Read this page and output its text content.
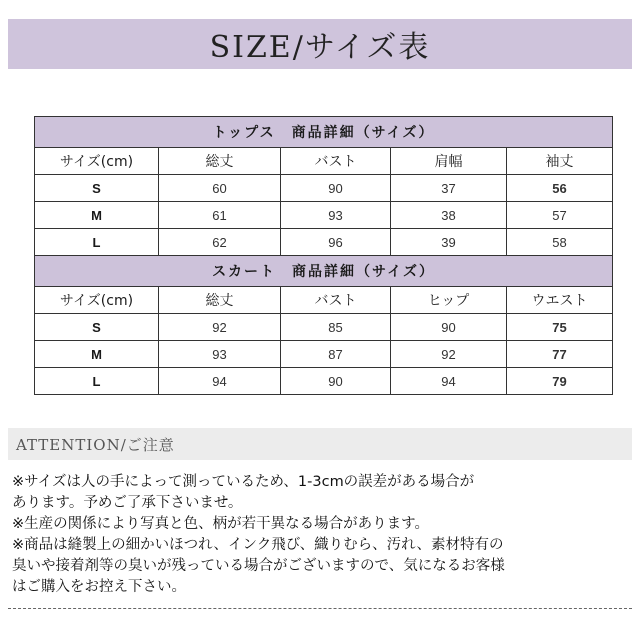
SIZE/サイズ表
トップス　商品詳細（サイズ）				
サイズ(cm)	総丈	バスト	肩幅	袖丈
S	60	90	37	56
M	61	93	38	57
L	62	96	39	58
スカート　商品詳細（サイズ）				
サイズ(cm)	総丈	バスト	ヒップ	ウエスト
S	92	85	90	75
M	93	87	92	77
L	94	90	94	79
ATTENTION/ご注意
※サイズは人の手によって測っているため、1-3cmの誤差がある場合が
あります。予めご了承下さいませ。
※生産の関係により写真と色、柄が若干異なる場合があります。
※商品は縫製上の細かいほつれ、インク飛び、織りむら、汚れ、素材特有の
臭いや接着剤等の臭いが残っている場合がございますので、気になるお客様
はご購入をお控え下さい。
